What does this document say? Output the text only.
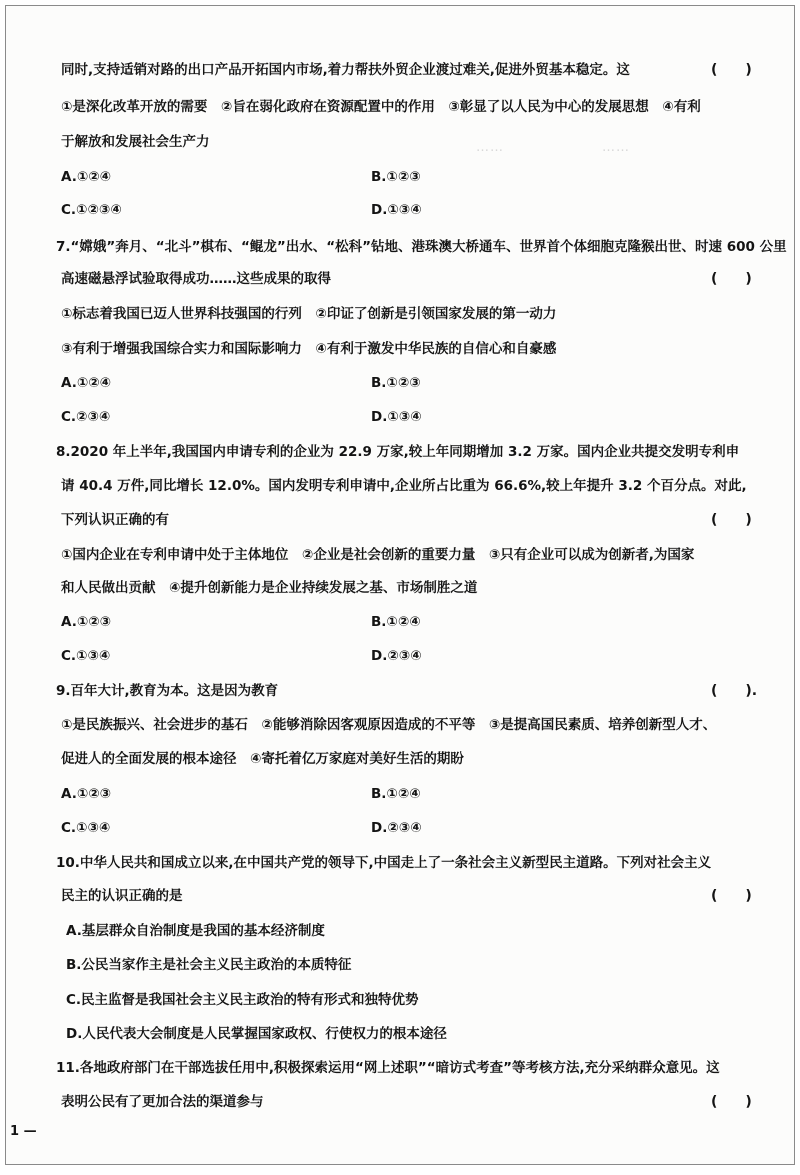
……　　　　　　　……

同时,支持适销对路的出口产品开拓国内市场,着力帮扶外贸企业渡过难关,促进外贸基本稳定。这	(　　)
①是深化改革开放的需要　②旨在弱化政府在资源配置中的作用　③彰显了以人民为中心的发展思想　④有利
于解放和发展社会生产力
A.①②④	B.①②③
C.①②③④	D.①③④
7.“嫦娥”奔月、“北斗”棋布、“鲲龙”出水、“松科”钻地、港珠澳大桥通车、世界首个体细胞克隆猴出世、时速 600 公里
高速磁悬浮试验取得成功……这些成果的取得	(　　)
①标志着我国已迈人世界科技强国的行列　②印证了创新是引领国家发展的第一动力
③有利于增强我国综合实力和国际影响力　④有利于激发中华民族的自信心和自豪感
A.①②④	B.①②③
C.②③④	D.①③④
8.2020 年上半年,我国国内申请专利的企业为 22.9 万家,较上年同期增加 3.2 万家。国内企业共提交发明专利申
请 40.4 万件,同比增长 12.0%。国内发明专利申请中,企业所占比重为 66.6%,较上年提升 3.2 个百分点。对此,
下列认识正确的有	(　　)
①国内企业在专利申请中处于主体地位　②企业是社会创新的重要力量　③只有企业可以成为创新者,为国家
和人民做出贡献　④提升创新能力是企业持续发展之基、市场制胜之道
A.①②③	B.①②④
C.①③④	D.②③④
9.百年大计,教育为本。这是因为教育	(　　).
①是民族振兴、社会进步的基石　②能够消除因客观原因造成的不平等　③是提高国民素质、培养创新型人才、
促进人的全面发展的根本途径　④寄托着亿万家庭对美好生活的期盼
A.①②③	B.①②④
C.①③④	D.②③④
10.中华人民共和国成立以来,在中国共产党的领导下,中国走上了一条社会主义新型民主道路。下列对社会主义
民主的认识正确的是	(　　)
A.基层群众自治制度是我国的基本经济制度
B.公民当家作主是社会主义民主政治的本质特征
C.民主监督是我国社会主义民主政治的特有形式和独特优势
D.人民代表大会制度是人民掌握国家政权、行使权力的根本途径
11.各地政府部门在干部选拔任用中,积极探索运用“网上述职”“暗访式考查”等考核方法,充分采纳群众意见。这
表明公民有了更加合法的渠道参与	(　　)
1 —
